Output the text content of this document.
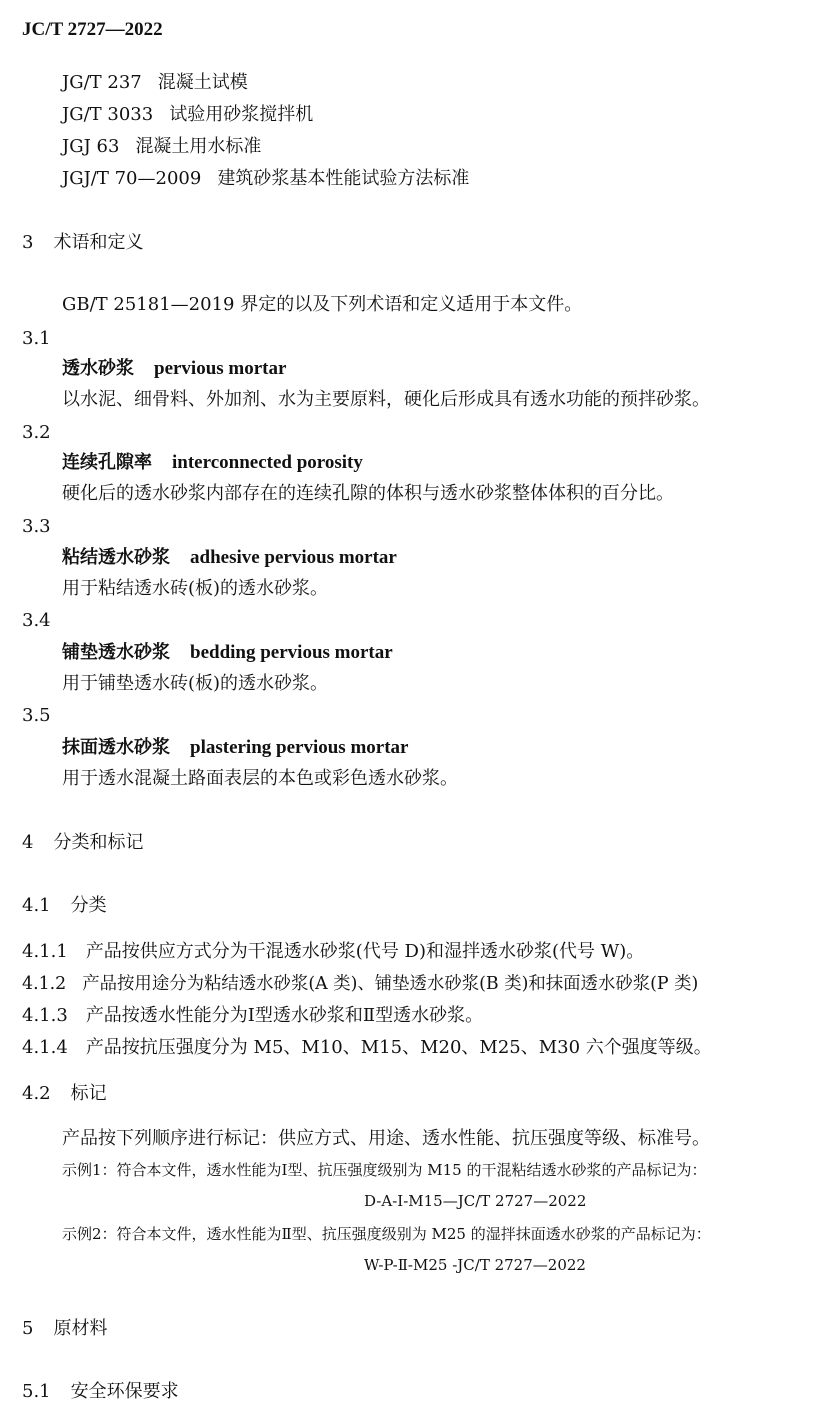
JC/T 2727—2022
JG/T 237 混凝土试模
JG/T 3033 试验用砂浆搅拌机
JGJ 63 混凝土用水标准
JGJ/T 70—2009 建筑砂浆基本性能试验方法标准
3 术语和定义
GB/T 25181—2019 界定的以及下列术语和定义适用于本文件。
3.1
透水砂浆 pervious mortar
以水泥、细骨料、外加剂、水为主要原料，硬化后形成具有透水功能的预拌砂浆。
3.2
连续孔隙率 interconnected porosity
硬化后的透水砂浆内部存在的连续孔隙的体积与透水砂浆整体体积的百分比。
3.3
粘结透水砂浆 adhesive pervious mortar
用于粘结透水砖(板)的透水砂浆。
3.4
铺垫透水砂浆 bedding pervious mortar
用于铺垫透水砖(板)的透水砂浆。
3.5
抹面透水砂浆 plastering pervious mortar
用于透水混凝土路面表层的本色或彩色透水砂浆。
4 分类和标记
4.1 分类
4.1.1 产品按供应方式分为干混透水砂浆(代号 D)和湿拌透水砂浆(代号 W)。
4.1.2 产品按用途分为粘结透水砂浆(A 类)、铺垫透水砂浆(B 类)和抹面透水砂浆(P 类)
4.1.3 产品按透水性能分为Ⅰ型透水砂浆和Ⅱ型透水砂浆。
4.1.4 产品按抗压强度分为 M5、M10、M15、M20、M25、M30 六个强度等级。
4.2 标记
产品按下列顺序进行标记：供应方式、用途、透水性能、抗压强度等级、标准号。
示例1：符合本文件，透水性能为Ⅰ型、抗压强度级别为 M15 的干混粘结透水砂浆的产品标记为：
D-A-Ⅰ-M15—JC/T 2727—2022
示例2：符合本文件，透水性能为Ⅱ型、抗压强度级别为 M25 的湿拌抹面透水砂浆的产品标记为：
W-P-Ⅱ-M25 -JC/T 2727—2022
5 原材料
5.1 安全环保要求
